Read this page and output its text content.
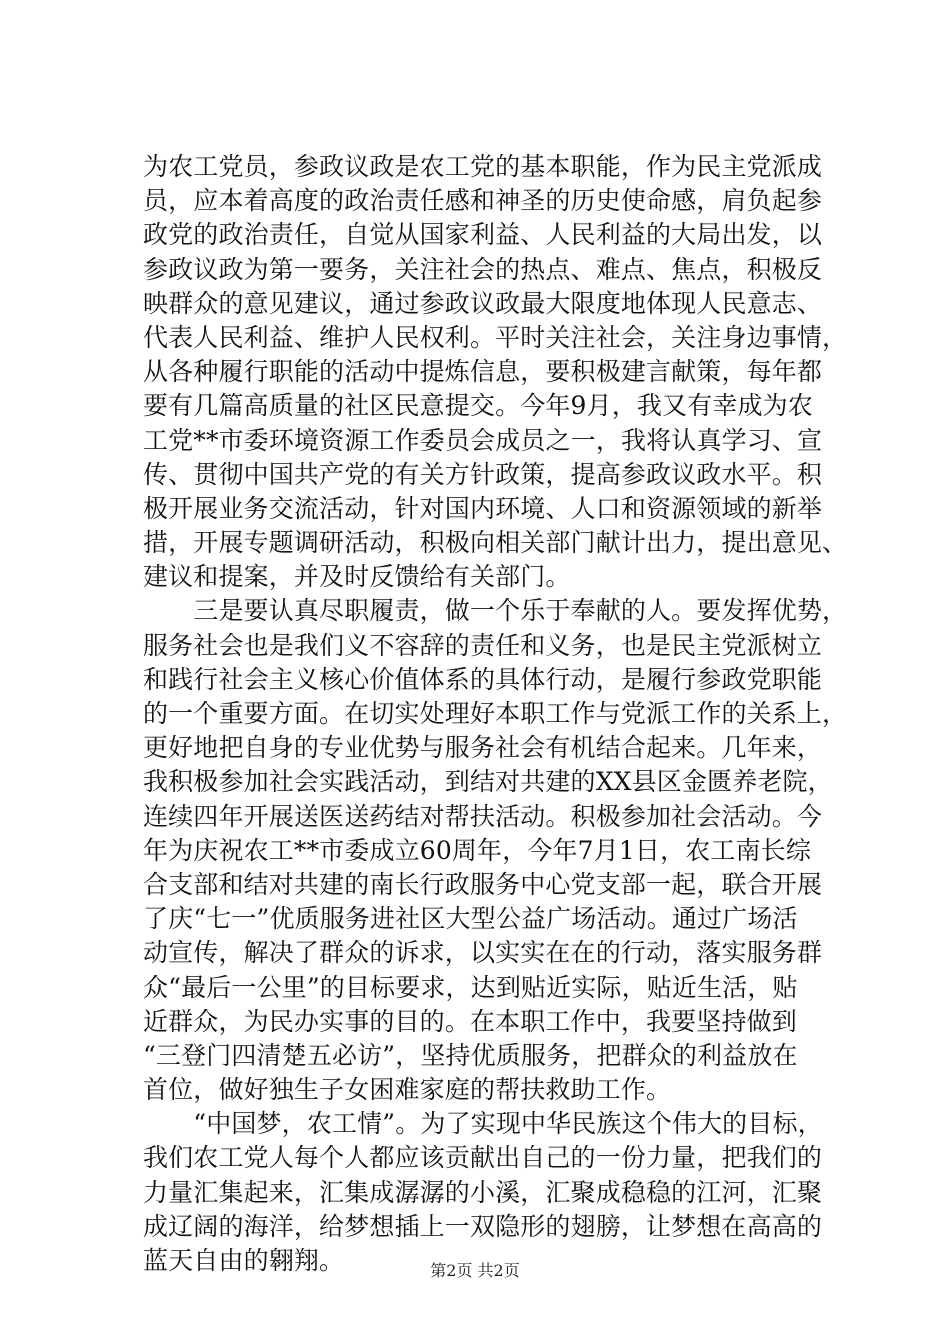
为农工党员，参政议政是农工党的基本职能，作为民主党派成
员，应本着高度的政治责任感和神圣的历史使命感，肩负起参
政党的政治责任，自觉从国家利益、人民利益的大局出发，以
参政议政为第一要务，关注社会的热点、难点、焦点，积极反
映群众的意见建议，通过参政议政最大限度地体现人民意志、
代表人民利益、维护人民权利。平时关注社会，关注身边事情，
从各种履行职能的活动中提炼信息，要积极建言献策，每年都
要有几篇高质量的社区民意提交。今年9月，我又有幸成为农
工党**市委环境资源工作委员会成员之一，我将认真学习、宣
传、贯彻中国共产党的有关方针政策，提高参政议政水平。积
极开展业务交流活动，针对国内环境、人口和资源领域的新举
措，开展专题调研活动，积极向相关部门献计出力，提出意见、
建议和提案，并及时反馈给有关部门。
　　三是要认真尽职履责，做一个乐于奉献的人。要发挥优势，
服务社会也是我们义不容辞的责任和义务，也是民主党派树立
和践行社会主义核心价值体系的具体行动，是履行参政党职能
的一个重要方面。在切实处理好本职工作与党派工作的关系上，
更好地把自身的专业优势与服务社会有机结合起来。几年来，
我积极参加社会实践活动，到结对共建的XX县区金匮养老院，
连续四年开展送医送药结对帮扶活动。积极参加社会活动。今
年为庆祝农工**市委成立60周年，今年7月1日，农工南长综
合支部和结对共建的南长行政服务中心党支部一起，联合开展
了庆“七一”优质服务进社区大型公益广场活动。通过广场活
动宣传，解决了群众的诉求，以实实在在的行动，落实服务群
众“最后一公里”的目标要求，达到贴近实际，贴近生活，贴
近群众，为民办实事的目的。在本职工作中，我要坚持做到
“三登门四清楚五必访”，坚持优质服务，把群众的利益放在
首位，做好独生子女困难家庭的帮扶救助工作。
　　“中国梦，农工情”。为了实现中华民族这个伟大的目标，
我们农工党人每个人都应该贡献出自己的一份力量，把我们的
力量汇集起来，汇集成潺潺的小溪，汇聚成稳稳的江河，汇聚
成辽阔的海洋，给梦想插上一双隐形的翅膀，让梦想在高高的
蓝天自由的翱翔。	第2页 共2页
